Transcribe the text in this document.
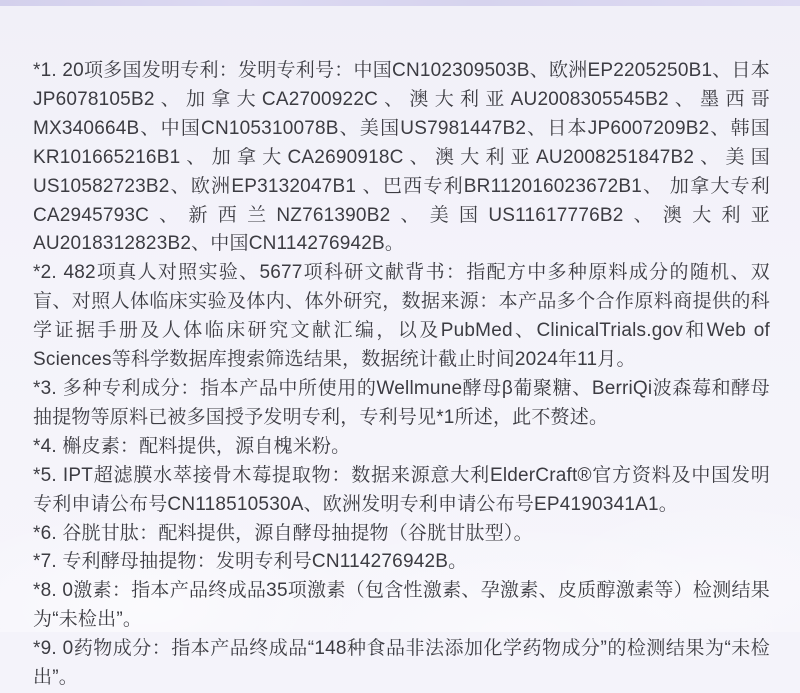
*1. 20项多国发明专利：发明专利号：中国CN102309503B、欧洲EP2205250B1、日本JP6078105B2、加拿大CA2700922C、澳大利亚AU2008305545B2、墨西哥MX340664B、中国CN105310078B、美国US7981447B2、日本JP6007209B2、韩国KR101665216B1、加拿大CA2690918C、澳大利亚AU2008251847B2、美国US10582723B2、欧洲EP3132047B1 、巴西专利BR112016023672B1、 加拿大专利CA2945793C、新西兰NZ761390B2、美国US11617776B2、澳大利亚AU2018312823B2、中国CN114276942B。

*2. 482项真人对照实验、5677项科研文献背书：指配方中多种原料成分的随机、双盲、对照人体临床实验及体内、体外研究，数据来源：本产品多个合作原料商提供的科学证据手册及人体临床研究文献汇编，以及PubMed、ClinicalTrials.gov和Web of Sciences等科学数据库搜索筛选结果，数据统计截止时间2024年11月。

*3. 多种专利成分：指本产品中所使用的Wellmune酵母β葡聚糖、BerriQi波森莓和酵母抽提物等原料已被多国授予发明专利，专利号见*1所述，此不赘述。

*4. 槲皮素：配料提供，源自槐米粉。

*5. IPT超滤膜水萃接骨木莓提取物：数据来源意大利ElderCraft®官方资料及中国发明专利申请公布号CN118510530A、欧洲发明专利申请公布号EP4190341A1。

*6. 谷胱甘肽：配料提供，源自酵母抽提物（谷胱甘肽型）。

*7. 专利酵母抽提物：发明专利号CN114276942B。

*8. 0激素：指本产品终成品35项激素（包含性激素、孕激素、皮质醇激素等）检测结果为“未检出”。

*9. 0药物成分：指本产品终成品“148种食品非法添加化学药物成分”的检测结果为“未检出”。
